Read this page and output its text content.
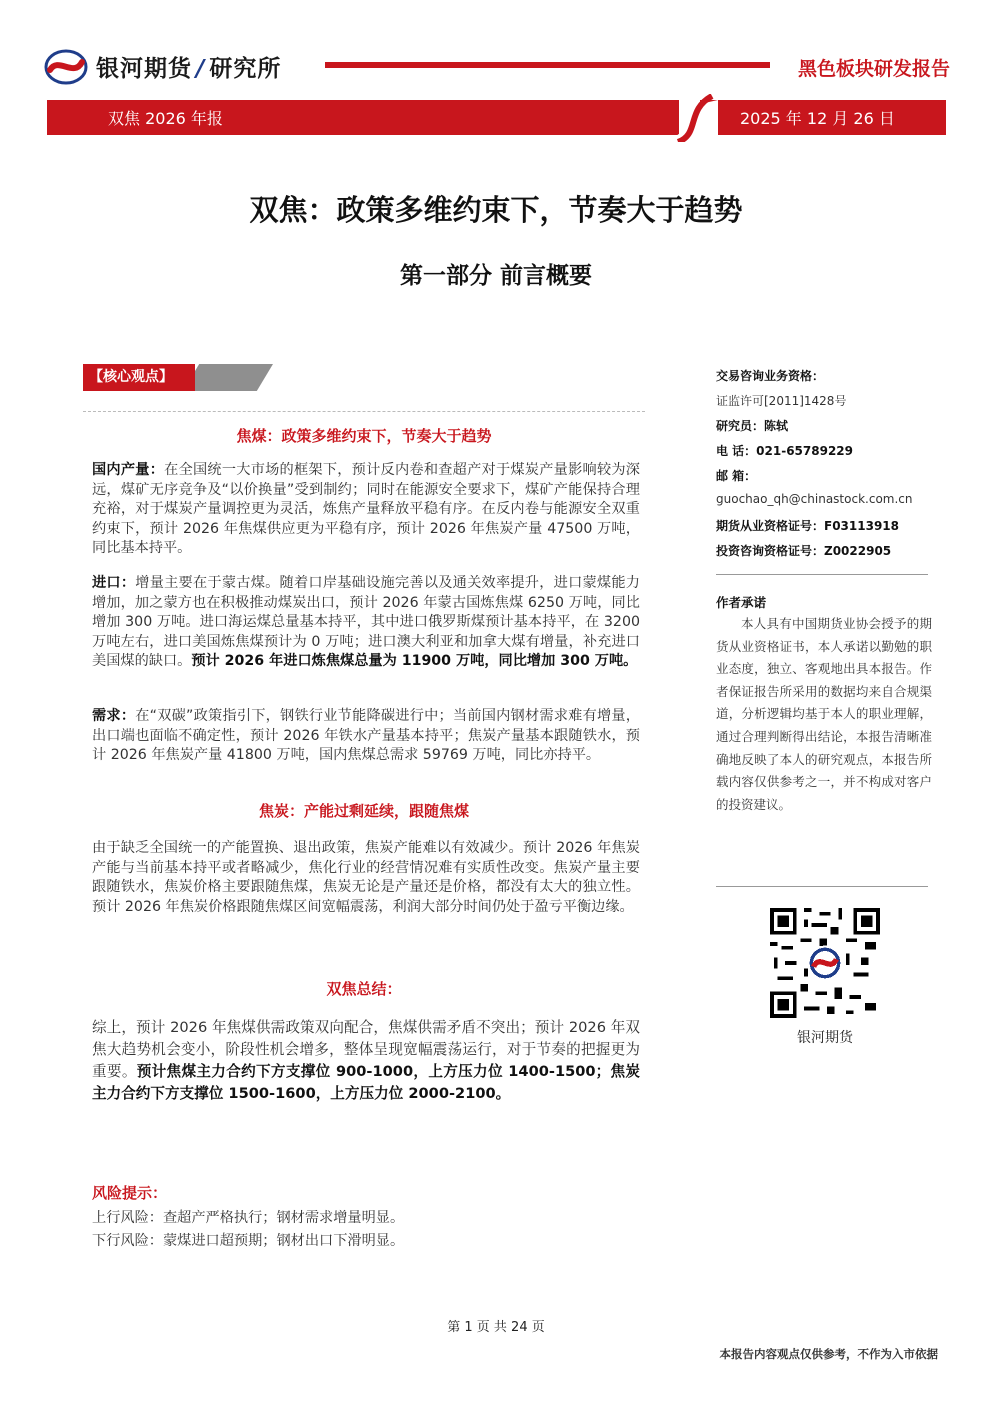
银河期货 / 研究所	黑色板块研发报告
双焦 2026 年报	2025 年 12 月 26 日
双焦：政策多维约束下，节奏大于趋势
第一部分 前言概要
【核心观点】
焦煤：政策多维约束下，节奏大于趋势
国内产量：在全国统一大市场的框架下，预计反内卷和查超产对于煤炭产量影响较为深远，煤矿无序竞争及“以价换量”受到制约；同时在能源安全要求下，煤矿产能保持合理充裕，对于煤炭产量调控更为灵活，炼焦产量释放平稳有序。在反内卷与能源安全双重约束下，预计 2026 年焦煤供应更为平稳有序，预计 2026 年焦炭产量 47500 万吨，同比基本持平。
进口：增量主要在于蒙古煤。随着口岸基础设施完善以及通关效率提升，进口蒙煤能力增加，加之蒙方也在积极推动煤炭出口，预计 2026 年蒙古国炼焦煤 6250 万吨，同比增加 300 万吨。进口海运煤总量基本持平，其中进口俄罗斯煤预计基本持平，在 3200 万吨左右，进口美国炼焦煤预计为 0 万吨；进口澳大利亚和加拿大煤有增量，补充进口美国煤的缺口。预计 2026 年进口炼焦煤总量为 11900 万吨，同比增加 300 万吨。
需求：在“双碳”政策指引下，钢铁行业节能降碳进行中；当前国内钢材需求难有增量，出口端也面临不确定性，预计 2026 年铁水产量基本持平；焦炭产量基本跟随铁水，预计 2026 年焦炭产量 41800 万吨，国内焦煤总需求 59769 万吨，同比亦持平。
焦炭：产能过剩延续，跟随焦煤
由于缺乏全国统一的产能置换、退出政策，焦炭产能难以有效减少。预计 2026 年焦炭产能与当前基本持平或者略减少，焦化行业的经营情况难有实质性改变。焦炭产量主要跟随铁水，焦炭价格主要跟随焦煤，焦炭无论是产量还是价格，都没有太大的独立性。预计 2026 年焦炭价格跟随焦煤区间宽幅震荡，利润大部分时间仍处于盈亏平衡边缘。
双焦总结：
综上，预计 2026 年焦煤供需政策双向配合，焦煤供需矛盾不突出；预计 2026 年双焦大趋势机会变小，阶段性机会增多，整体呈现宽幅震荡运行，对于节奏的把握更为重要。预计焦煤主力合约下方支撑位 900-1000，上方压力位 1400-1500；焦炭主力合约下方支撑位 1500-1600，上方压力位 2000-2100。
风险提示：
上行风险：查超产严格执行；钢材需求增量明显。
下行风险：蒙煤进口超预期；钢材出口下滑明显。
交易咨询业务资格：
证监许可[2011]1428号
研究员：陈轼
电 话：021-65789229
邮 箱：
guochao_qh@chinastock.com.cn
期货从业资格证号：F03113918
投资咨询资格证号：Z0022905
作者承诺
本人具有中国期货业协会授予的期货从业资格证书，本人承诺以勤勉的职业态度，独立、客观地出具本报告。作者保证报告所采用的数据均来自合规渠道，分析逻辑均基于本人的职业理解，通过合理判断得出结论，本报告清晰准确地反映了本人的研究观点，本报告所载内容仅供参考之一，并不构成对客户的投资建议。
银河期货
第 1 页 共 24 页
本报告内容观点仅供参考，不作为入市依据
